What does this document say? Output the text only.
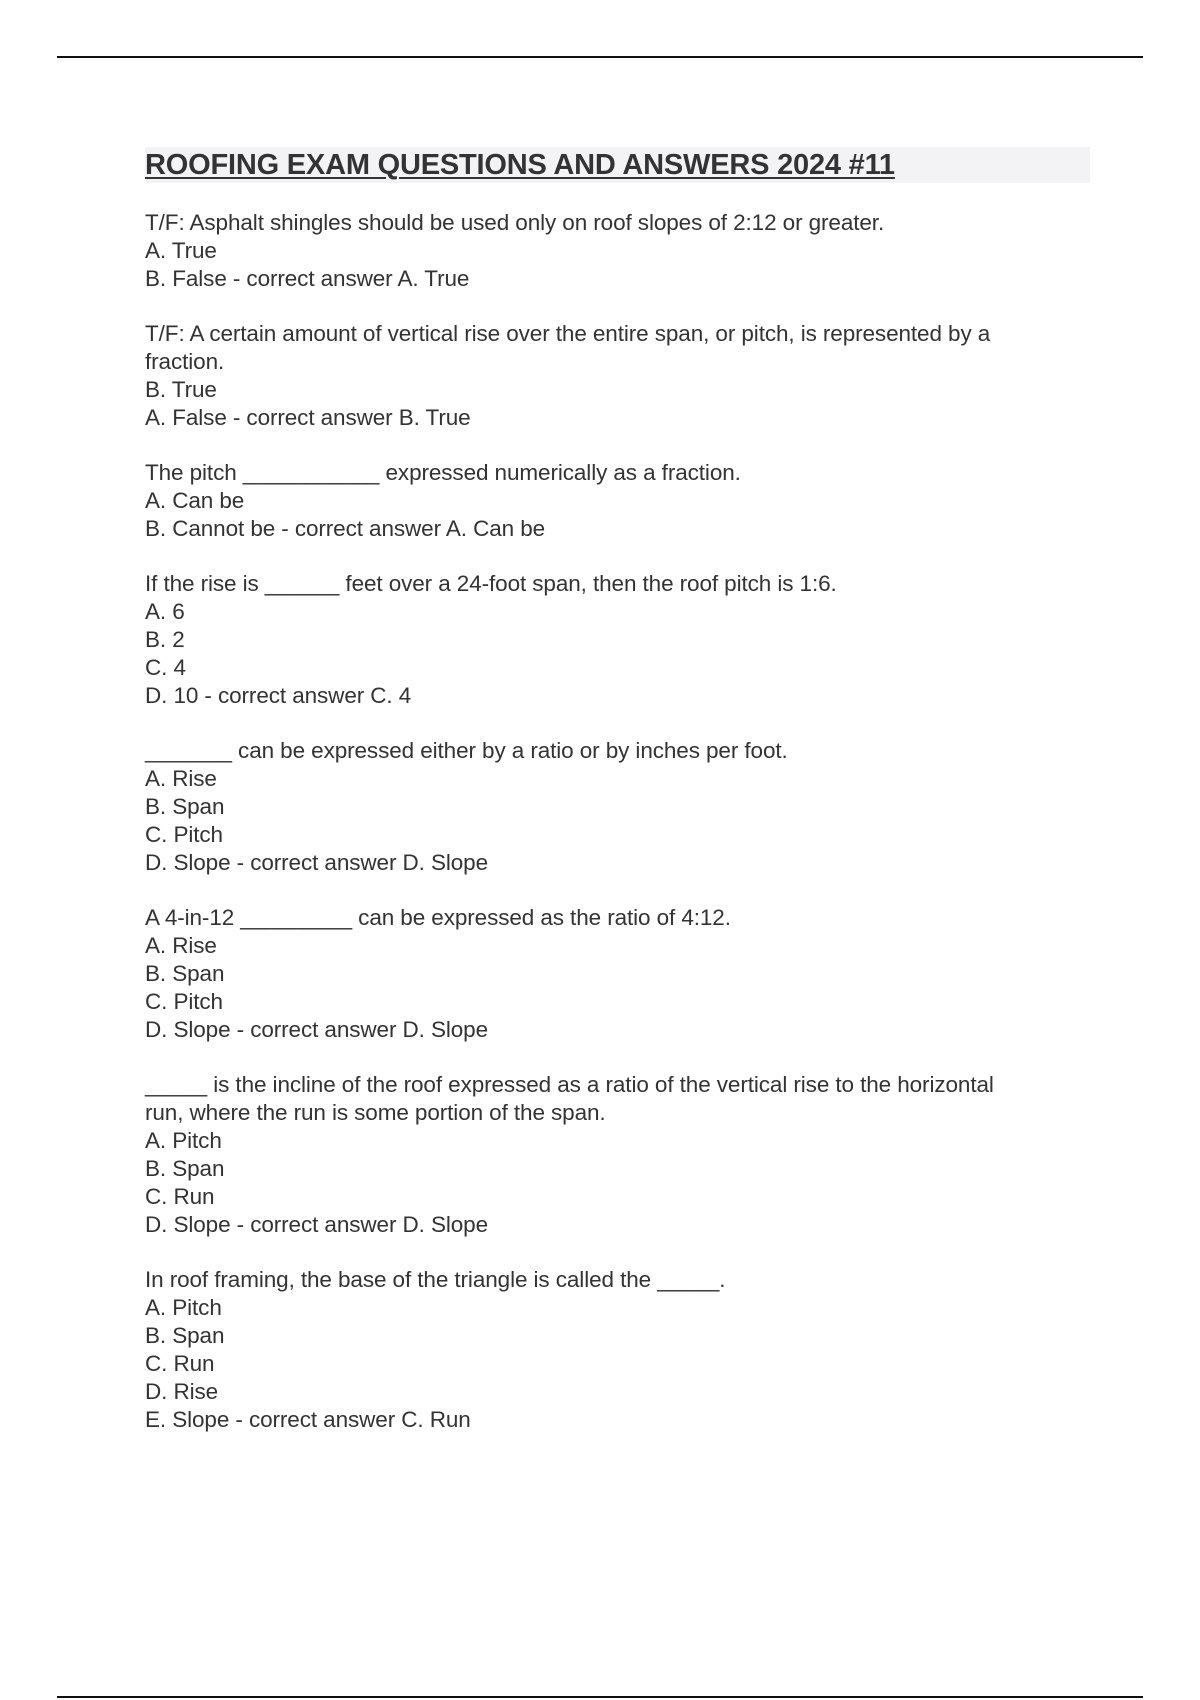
ROOFING EXAM QUESTIONS AND ANSWERS 2024 #11
T/F: Asphalt shingles should be used only on roof slopes of 2:12 or greater.
A. True
B. False - correct answer A. True
T/F: A certain amount of vertical rise over the entire span, or pitch, is represented by a
fraction.
B. True
A. False - correct answer B. True
The pitch ___________ expressed numerically as a fraction.
A. Can be
B. Cannot be - correct answer A. Can be
If the rise is ______ feet over a 24-foot span, then the roof pitch is 1:6.
A. 6
B. 2
C. 4
D. 10 - correct answer C. 4
_______ can be expressed either by a ratio or by inches per foot.
A. Rise
B. Span
C. Pitch
D. Slope - correct answer D. Slope
A 4-in-12 _________ can be expressed as the ratio of 4:12.
A. Rise
B. Span
C. Pitch
D. Slope - correct answer D. Slope
_____ is the incline of the roof expressed as a ratio of the vertical rise to the horizontal
run, where the run is some portion of the span.
A. Pitch
B. Span
C. Run
D. Slope - correct answer D. Slope
In roof framing, the base of the triangle is called the _____.
A. Pitch
B. Span
C. Run
D. Rise
E. Slope - correct answer C. Run
